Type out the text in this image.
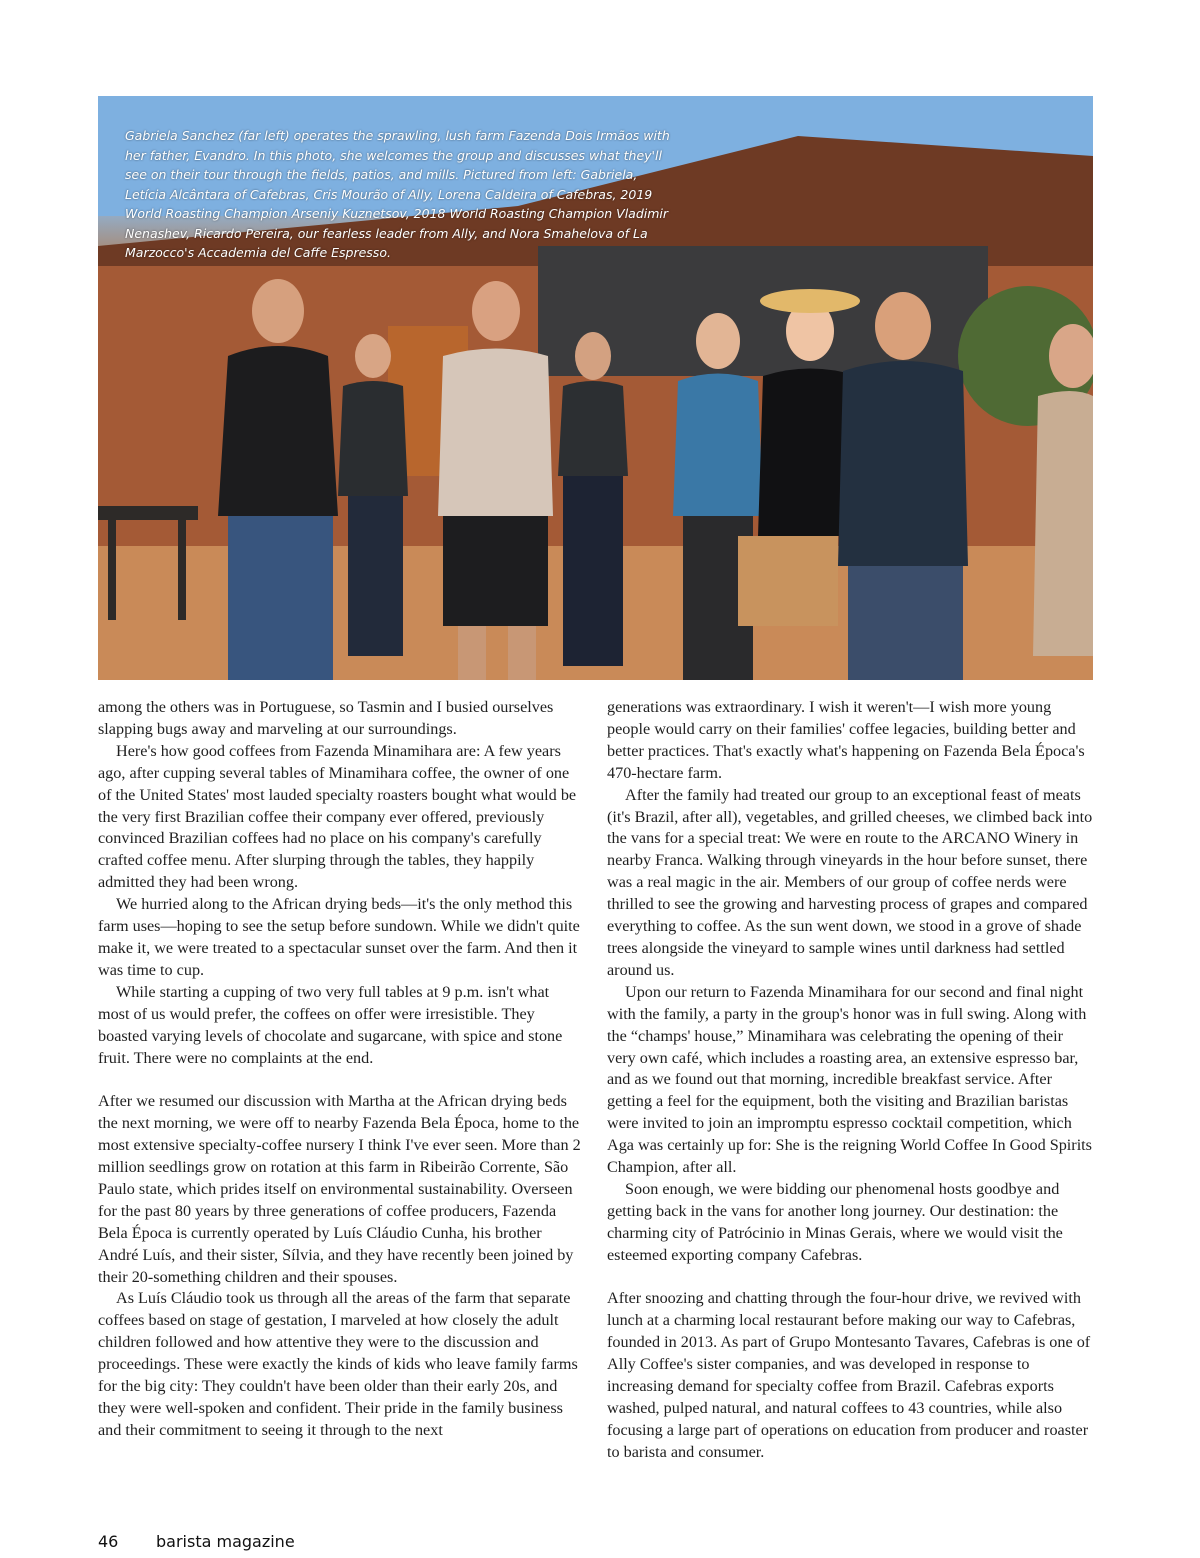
Gabriela Sanchez (far left) operates the sprawling, lush farm Fazenda Dois Irmãos with her father, Evandro. In this photo, she welcomes the group and discusses what they'll see on their tour through the fields, patios, and mills. Pictured from left: Gabriela, Letícia Alcântara of Cafebras, Cris Mourão of Ally, Lorena Caldeira of Cafebras, 2019 World Roasting Champion Arseniy Kuznetsov, 2018 World Roasting Champion Vladimir Nenashev, Ricardo Pereira, our fearless leader from Ally, and Nora Smahelova of La Marzocco's Accademia del Caffe Espresso.

among the others was in Portuguese, so Tasmin and I busied ourselves slapping bugs away and marveling at our surroundings.

Here's how good coffees from Fazenda Minamihara are: A few years ago, after cupping several tables of Minamihara coffee, the owner of one of the United States' most lauded specialty roasters bought what would be the very first Brazilian coffee their company ever offered, previously convinced Brazilian coffees had no place on his company's carefully crafted coffee menu. After slurping through the tables, they happily admitted they had been wrong.

We hurried along to the African drying beds—it's the only method this farm uses—hoping to see the setup before sundown. While we didn't quite make it, we were treated to a spectacular sunset over the farm. And then it was time to cup.

While starting a cupping of two very full tables at 9 p.m. isn't what most of us would prefer, the coffees on offer were irresistible. They boasted varying levels of chocolate and sugarcane, with spice and stone fruit. There were no complaints at the end.

After we resumed our discussion with Martha at the African drying beds the next morning, we were off to nearby Fazenda Bela Época, home to the most extensive specialty-coffee nursery I think I've ever seen. More than 2 million seedlings grow on rotation at this farm in Ribeirão Corrente, São Paulo state, which prides itself on environmental sustainability. Overseen for the past 80 years by three generations of coffee producers, Fazenda Bela Época is currently operated by Luís Cláudio Cunha, his brother André Luís, and their sister, Sílvia, and they have recently been joined by their 20-something children and their spouses.

As Luís Cláudio took us through all the areas of the farm that separate coffees based on stage of gestation, I marveled at how closely the adult children followed and how attentive they were to the discussion and proceedings. These were exactly the kinds of kids who leave family farms for the big city: They couldn't have been older than their early 20s, and they were well-spoken and confident. Their pride in the family business and their commitment to seeing it through to the next

generations was extraordinary. I wish it weren't—I wish more young people would carry on their families' coffee legacies, building better and better practices. That's exactly what's happening on Fazenda Bela Época's 470-hectare farm.

After the family had treated our group to an exceptional feast of meats (it's Brazil, after all), vegetables, and grilled cheeses, we climbed back into the vans for a special treat: We were en route to the ARCANO Winery in nearby Franca. Walking through vineyards in the hour before sunset, there was a real magic in the air. Members of our group of coffee nerds were thrilled to see the growing and harvesting process of grapes and compared everything to coffee. As the sun went down, we stood in a grove of shade trees alongside the vineyard to sample wines until darkness had settled around us.

Upon our return to Fazenda Minamihara for our second and final night with the family, a party in the group's honor was in full swing. Along with the “champs' house,” Minamihara was celebrating the opening of their very own café, which includes a roasting area, an extensive espresso bar, and as we found out that morning, incredible breakfast service. After getting a feel for the equipment, both the visiting and Brazilian baristas were invited to join an impromptu espresso cocktail competition, which Aga was certainly up for: She is the reigning World Coffee In Good Spirits Champion, after all.

Soon enough, we were bidding our phenomenal hosts goodbye and getting back in the vans for another long journey. Our destination: the charming city of Patrócinio in Minas Gerais, where we would visit the esteemed exporting company Cafebras.

After snoozing and chatting through the four-hour drive, we revived with lunch at a charming local restaurant before making our way to Cafebras, founded in 2013. As part of Grupo Montesanto Tavares, Cafebras is one of Ally Coffee's sister companies, and was developed in response to increasing demand for specialty coffee from Brazil. Cafebras exports washed, pulped natural, and natural coffees to 43 countries, while also focusing a large part of operations on education from producer and roaster to barista and consumer.

46 barista magazine
